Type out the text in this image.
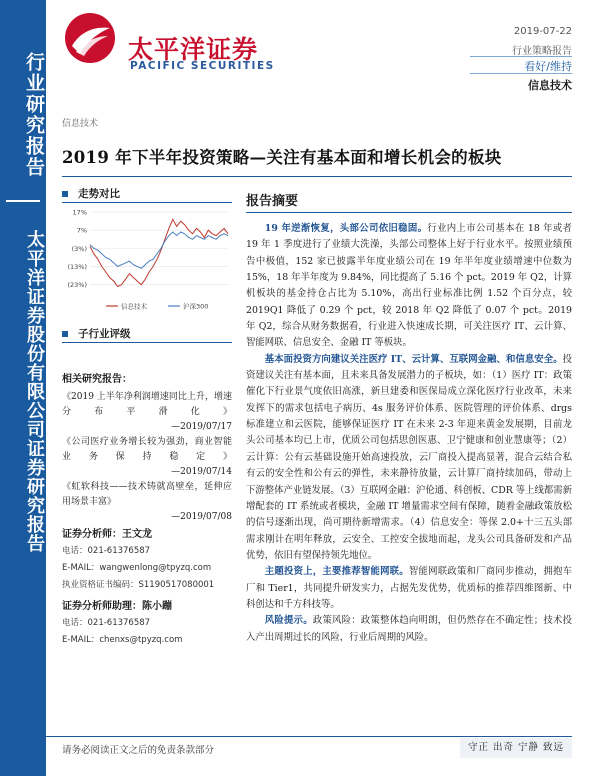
行业研究报告
太平洋证券股份有限公司证券研究报告
太平洋证券
PACIFIC SECURITIES
2019-07-22
行业策略报告
看好/维持
信息技术
信息技术
2019 年下半年投资策略—关注有基本面和增长机会的板块
走势对比
17%
7%
(3%)
(13%)
(23%)
信息技术	沪深300
子行业评级
相关研究报告：
《2019 上半年净利润增速同比上升，增速分布平滑化》
—2019/07/17
《公司医疗业务增长较为强劲，商业智能业务保持稳定》
—2019/07/14
《虹软科技——技术铸就高壁垒，延伸应用场景丰富》
—2019/07/08
证券分析师：王文龙
电话：021-61376587
E-MAIL：wangwenlong@tpyzq.com
执业资格证书编码：S1190517080001
证券分析师助理：陈小蹦
电话：021-61376587
E-MAIL：chenxs@tpyzq.com
报告摘要

19 年逆渐恢复，头部公司依旧稳固。行业内上市公司基本在 18 年或者 19 年 1 季度进行了业绩大洗澡，头部公司整体上好于行业水平。按照业绩预告中极值，152 家已披露半年度业绩公司在 19 年半年度业绩增速中位数为 15%，18 年半年度为 9.84%，同比提高了 5.16 个 pct。2019 年 Q2，计算机板块的基金持仓占比为 5.10%，高出行业标准比例 1.52 个百分点，较 2019Q1 降低了 0.29 个 pct，较 2018 年 Q2 降低了 0.07 个 pct。2019 年 Q2，综合从财务数据看，行业进入快速成长期，可关注医疗 IT、云计算、智能网联、信息安全、金融 IT 等板块。

基本面投资方向建议关注医疗 IT、云计算、互联网金融、和信息安全。投资建议关注有基本面，且未来具备发展潜力的子板块，如：（1）医疗 IT：政策催化下行业景气度依旧高涨，新旦建委和医保局成立深化医疗行业改革，未来发挥下的需求包括电子病历、4s 服务评价体系、医院管理的评价体系、drgs 标准建立和云医院，能够保证医疗 IT 在未来 2-3 年迎来黄金发展期，目前龙头公司基本均已上市，优质公司包括思创医惠、卫宁健康和创业慧康等；（2）云计算：公有云基础设施开始高速投放，云厂商投入提高显著，混合云结合私有云的安全性和公有云的弹性，未来静待放量，云计算厂商持续加码，带动上下游整体产业链发展。（3）互联网金融：沪伦通、科创板、CDR 等上线都需新增配套的 IT 系统或者模块，金融 IT 增量需求空间有保障，随着金融政策放松的信号逐渐出现，尚可期待新增需求。（4）信息安全：等保 2.0+十三五头部需求刚计在明年释放，云安全、工控安全拔地而起，龙头公司具备研发和产品优势，依旧有望保持领先地位。

主题投资上，主要推荐智能网联。智能网联政策和厂商同步推动，拥抱车厂和 Tier1，共同提升研发实力，占据先发优势，优质标的推荐四维图新、中科创达和千方科技等。

风险提示。政策风险：政策整体趋向明朗，但仍然存在不确定性；技术投入产出周期过长的风险，行业后周期的风险。

请务必阅读正文之后的免责条款部分	守正 出奇 宁静 致远
